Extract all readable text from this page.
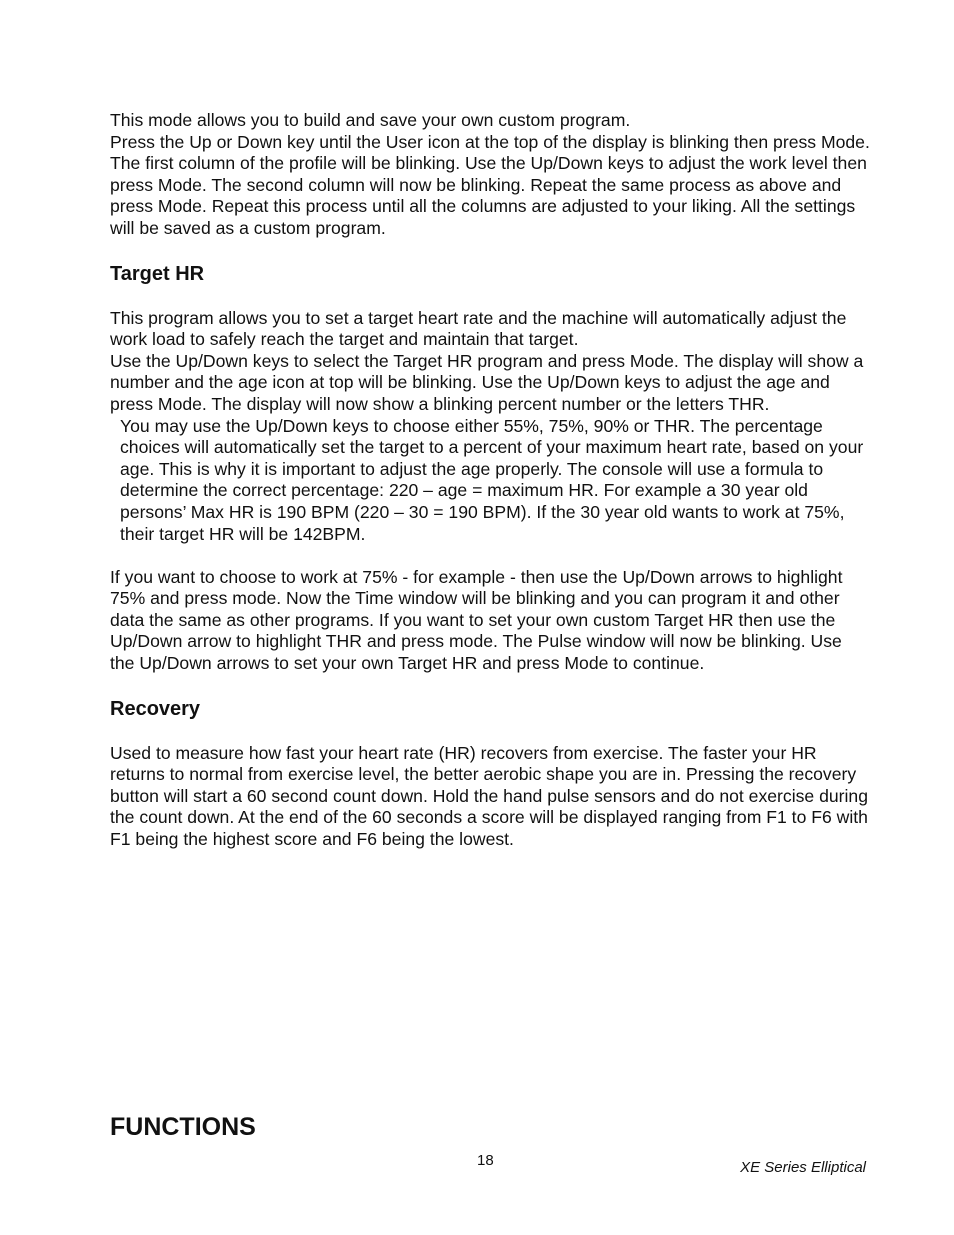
This mode allows you to build and save your own custom program.

Press the Up or Down key until the User icon at the top of the display is blinking then press Mode. The first column of the profile will be blinking. Use the Up/Down keys to adjust the work level then press Mode. The second column will now be blinking. Repeat the same process as above and press Mode. Repeat this process until all the columns are adjusted to your liking. All the settings will be saved as a custom program.

Target HR

This program allows you to set a target heart rate and the machine will automatically adjust the work load to safely reach the target and maintain that target.

Use the Up/Down keys to select the Target HR program and press Mode. The display will show a number and the age icon at top will be blinking. Use the Up/Down keys to adjust the age and press Mode. The display will now show a blinking percent number or the letters THR.

You may use the Up/Down keys to choose either 55%, 75%, 90% or THR. The percentage choices will automatically set the target to a percent of your maximum heart rate, based on your age. This is why it is important to adjust the age properly. The console will use a formula to determine the correct percentage: 220 – age = maximum HR. For example a 30 year old persons’ Max HR is 190 BPM (220 – 30 = 190 BPM). If the 30 year old wants to work at 75%, their target HR will be 142BPM.

If you want to choose to work at 75% - for example - then use the Up/Down arrows to highlight 75% and press mode. Now the Time window will be blinking and you can program it and other data the same as other programs. If you want to set your own custom Target HR then use the Up/Down arrow to highlight THR and press mode. The Pulse window will now be blinking. Use the Up/Down arrows to set your own Target HR and press Mode to continue.

Recovery

Used to measure how fast your heart rate (HR) recovers from exercise. The faster your HR returns to normal from exercise level, the better aerobic shape you are in. Pressing the recovery button will start a 60 second count down. Hold the hand pulse sensors and do not exercise during the count down. At the end of the 60 seconds a score will be displayed ranging from F1 to F6 with F1 being the highest score and F6 being the lowest.

FUNCTIONS
18	XE Series Elliptical
